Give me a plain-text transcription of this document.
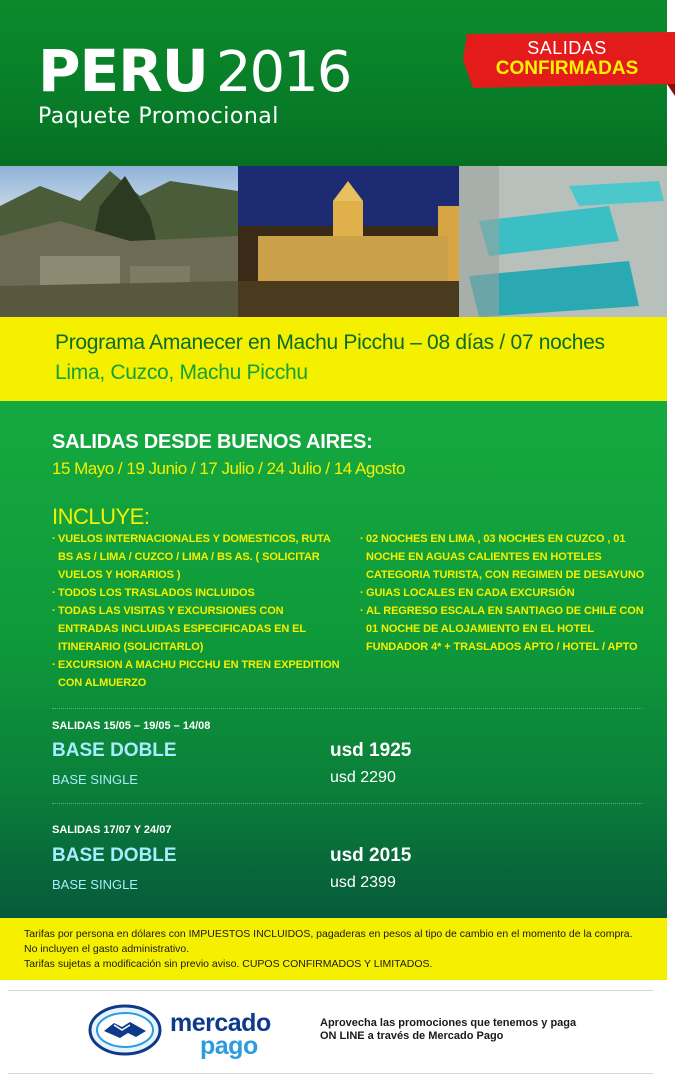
PERU 2016
Paquete Promocional
SALIDAS
CONFIRMADAS
Programa Amanecer en Machu Picchu – 08 días / 07 noches
Lima, Cuzco, Machu Picchu
SALIDAS DESDE BUENOS AIRES:
15 Mayo / 19 Junio / 17 Julio / 24 Julio / 14 Agosto
INCLUYE:
· VUELOS INTERNACIONALES Y DOMESTICOS, RUTA BS AS / LIMA / CUZCO / LIMA / BS AS. ( SOLICITAR VUELOS Y HORARIOS )
· TODOS LOS TRASLADOS INCLUIDOS
· TODAS LAS VISITAS Y EXCURSIONES CON ENTRADAS INCLUIDAS ESPECIFICADAS EN EL ITINERARIO (SOLICITARLO)
· EXCURSION A MACHU PICCHU EN TREN EXPEDITION CON ALMUERZO
· 02 NOCHES EN LIMA , 03 NOCHES EN CUZCO , 01 NOCHE EN AGUAS CALIENTES EN HOTELES CATEGORIA TURISTA, CON REGIMEN DE DESAYUNO
· GUIAS LOCALES EN CADA EXCURSIÓN
· AL REGRESO ESCALA EN SANTIAGO DE CHILE CON 01 NOCHE DE ALOJAMIENTO EN EL HOTEL FUNDADOR 4* + TRASLADOS APTO / HOTEL / APTO
SALIDAS 15/05 – 19/05 – 14/08
BASE DOBLE	usd 1925
BASE SINGLE	usd 2290
SALIDAS 17/07 Y 24/07
BASE DOBLE	usd 2015
BASE SINGLE	usd 2399

Tarifas por persona en dólares con IMPUESTOS INCLUIDOS, pagaderas en pesos al tipo de cambio en el momento de la compra. No incluyen el gasto administrativo.

Tarifas sujetas a modificación sin previo aviso. CUPOS CONFIRMADOS Y LIMITADOS.

mercado
pago
Aprovecha las promociones que tenemos y paga
ON LINE a través de Mercado Pago
